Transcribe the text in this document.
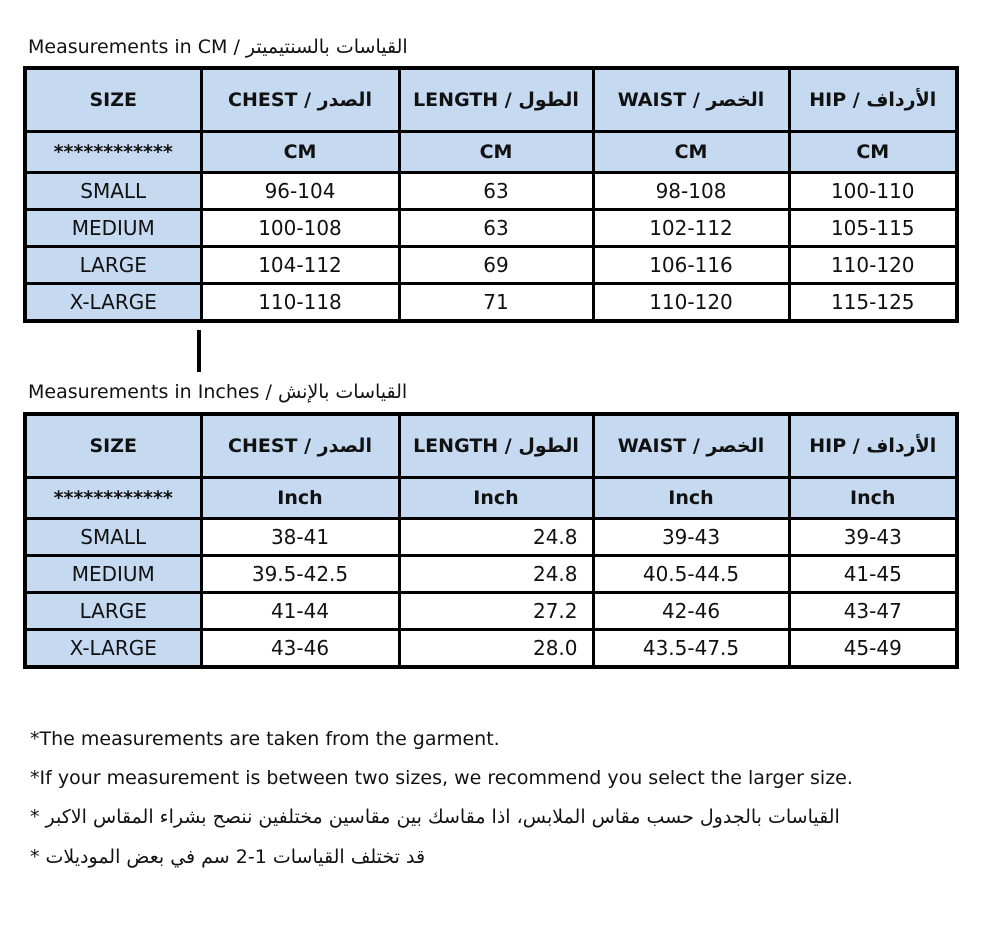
Measurements in CM / القياسات بالسنتيميتر
SIZE	CHEST / الصدر	LENGTH / الطول	WAIST / الخصر	HIP / الأرداف
************	CM	CM	CM	CM
SMALL	96-104	63	98-108	100-110
MEDIUM	100-108	63	102-112	105-115
LARGE	104-112	69	106-116	110-120
X-LARGE	110-118	71	110-120	115-125
Measurements in Inches / القياسات بالإنش
SIZE	CHEST / الصدر	LENGTH / الطول	WAIST / الخصر	HIP / الأرداف
************	Inch	Inch	Inch	Inch
SMALL	38-41	24.8	39-43	39-43
MEDIUM	39.5-42.5	24.8	40.5-44.5	41-45
LARGE	41-44	27.2	42-46	43-47
X-LARGE	43-46	28.0	43.5-47.5	45-49
*The measurements are taken from the garment.
*If your measurement is between two sizes, we recommend you select the larger size.
القياسات بالجدول حسب مقاس الملابس، اذا مقاسك بين مقاسين مختلفين ننصح بشراء المقاس الاكبر *
قد تختلف القياسات 1-2 سم في بعض الموديلات *
